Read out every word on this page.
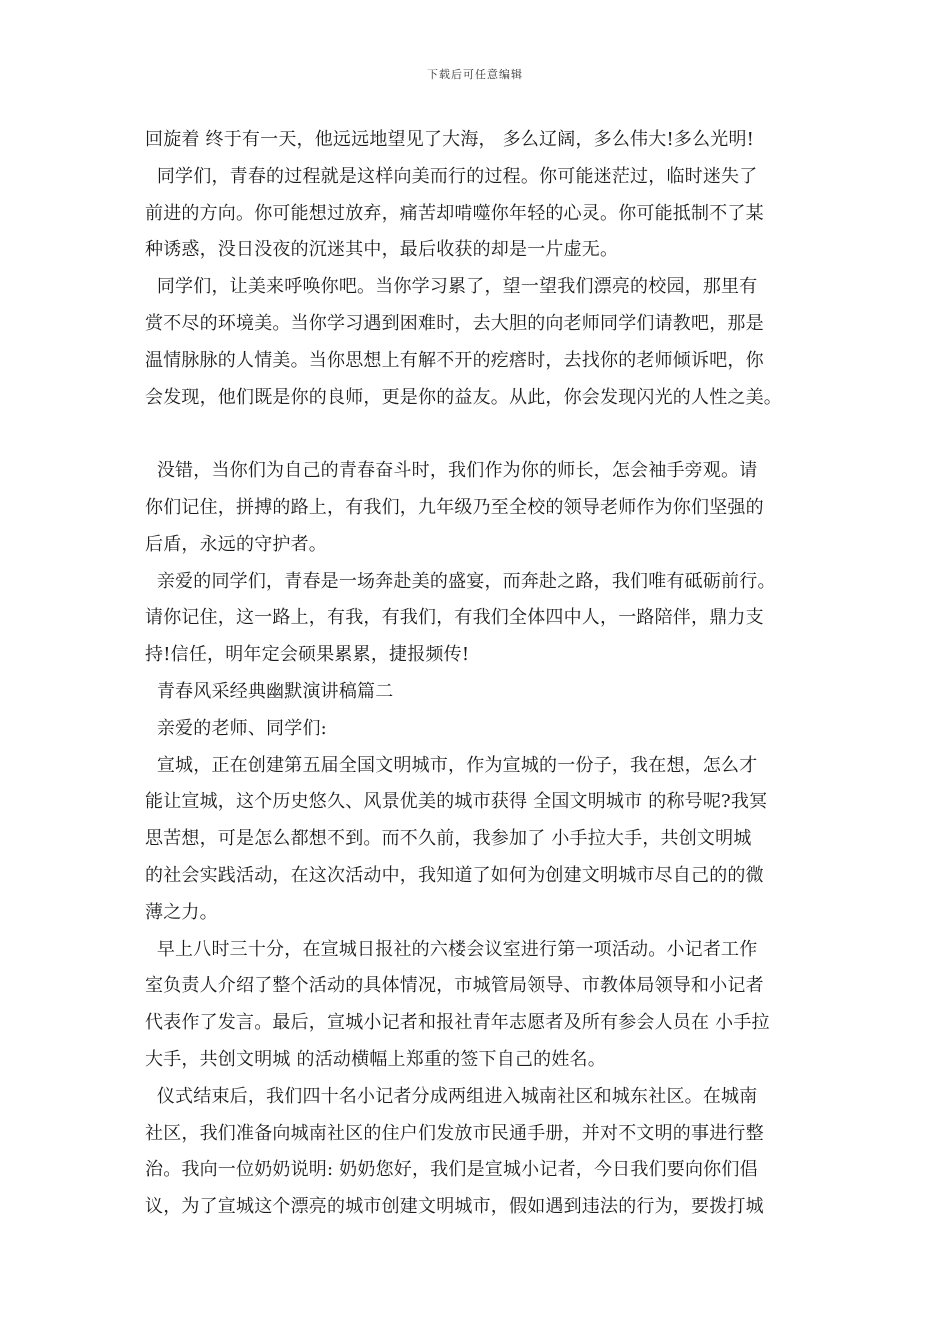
下载后可任意编辑
回旋着 终于有一天，他远远地望见了大海， 多么辽阔，多么伟大!多么光明!
同学们，青春的过程就是这样向美而行的过程。你可能迷茫过，临时迷失了
前进的方向。你可能想过放弃，痛苦却啃噬你年轻的心灵。你可能抵制不了某
种诱惑，没日没夜的沉迷其中，最后收获的却是一片虚无。
同学们，让美来呼唤你吧。当你学习累了，望一望我们漂亮的校园，那里有
赏不尽的环境美。当你学习遇到困难时，去大胆的向老师同学们请教吧，那是
温情脉脉的人情美。当你思想上有解不开的疙瘩时，去找你的老师倾诉吧，你
会发现，他们既是你的良师，更是你的益友。从此，你会发现闪光的人性之美。
没错，当你们为自己的青春奋斗时，我们作为你的师长，怎会袖手旁观。请
你们记住，拼搏的路上，有我们，九年级乃至全校的领导老师作为你们坚强的
后盾，永远的守护者。
亲爱的同学们，青春是一场奔赴美的盛宴，而奔赴之路，我们唯有砥砺前行。
请你记住，这一路上，有我，有我们，有我们全体四中人，一路陪伴，鼎力支
持!信任，明年定会硕果累累，捷报频传!
青春风采经典幽默演讲稿篇二
亲爱的老师、同学们:
宣城，正在创建第五届全国文明城市，作为宣城的一份子，我在想，怎么才
能让宣城，这个历史悠久、风景优美的城市获得 全国文明城市 的称号呢?我冥
思苦想，可是怎么都想不到。而不久前，我参加了 小手拉大手，共创文明城
的社会实践活动，在这次活动中，我知道了如何为创建文明城市尽自己的的微
薄之力。
早上八时三十分，在宣城日报社的六楼会议室进行第一项活动。小记者工作
室负责人介绍了整个活动的具体情况，市城管局领导、市教体局领导和小记者
代表作了发言。最后，宣城小记者和报社青年志愿者及所有参会人员在 小手拉
大手，共创文明城 的活动横幅上郑重的签下自己的姓名。
仪式结束后，我们四十名小记者分成两组进入城南社区和城东社区。在城南
社区，我们准备向城南社区的住户们发放市民通手册，并对不文明的事进行整
治。我向一位奶奶说明: 奶奶您好，我们是宣城小记者，今日我们要向你们倡
议，为了宣城这个漂亮的城市创建文明城市，假如遇到违法的行为，要拨打城
